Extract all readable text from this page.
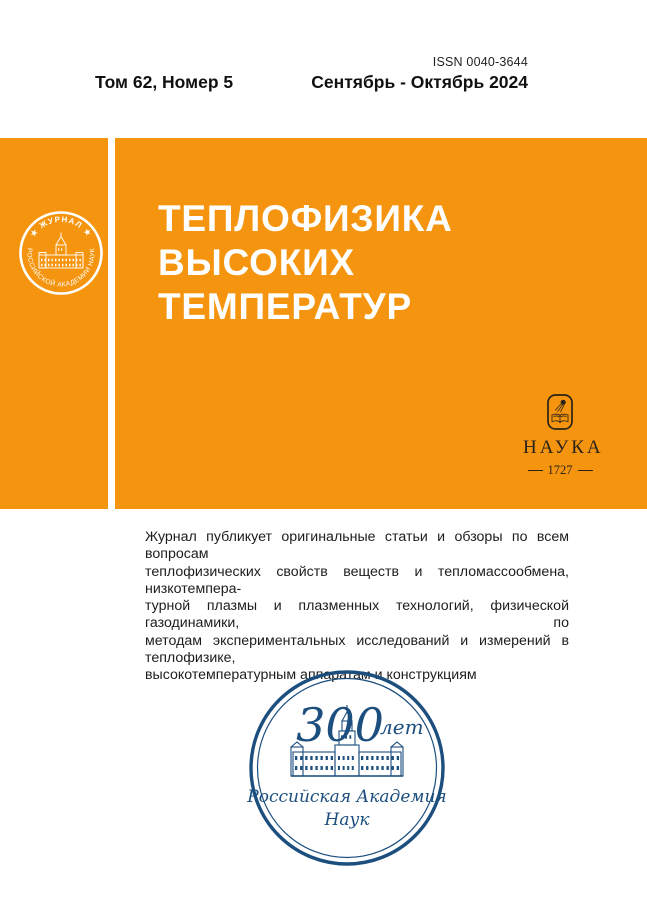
ISSN 0040-3644
Том 62, Номер 5	Сентябрь - Октябрь 2024
★ ЖУРНАЛ ★
РОССИЙСКОЙ АКАДЕМИИ НАУК
ТЕПЛОФИЗИКА
ВЫСОКИХ
ТЕМПЕРАТУР
НАУКА
1727
Журнал публикует оригинальные статьи и обзоры по всем вопросам
теплофизических свойств веществ и тепломассообмена, низкотемпера-
турной плазмы и плазменных технологий, физической газодинамики, по
методам экспериментальных исследований и измерений в теплофизике,
высокотемпературным аппаратам и конструкциям
300
лет
Российская Академия
Наук
